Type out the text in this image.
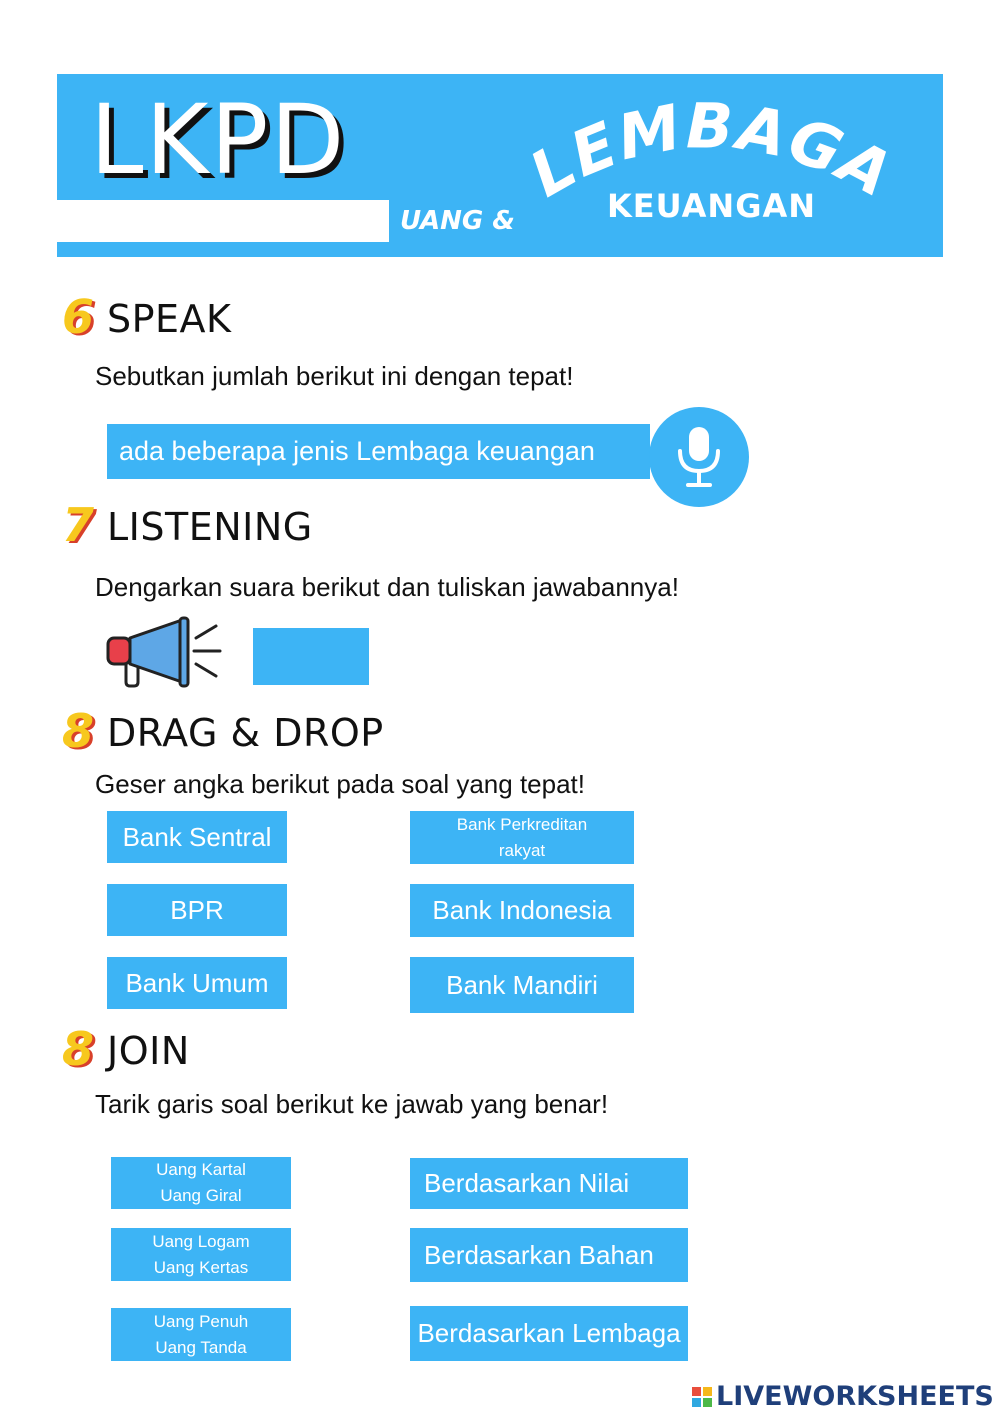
LKPD
UANG &
LEMBAGA
KEUANGAN
6 SPEAK
Sebutkan jumlah berikut ini dengan tepat!
ada beberapa jenis Lembaga keuangan
7 LISTENING
Dengarkan suara berikut dan tuliskan jawabannya!
8 DRAG & DROP
Geser angka berikut pada soal yang tepat!
Bank Sentral
BPR
Bank Umum
Bank Perkreditan
rakyat
Bank Indonesia
Bank Mandiri
8 JOIN
Tarik garis soal berikut ke jawab yang benar!
Uang Kartal
Uang Giral
Uang Logam
Uang Kertas
Uang Penuh
Uang Tanda
Berdasarkan Nilai
Berdasarkan Bahan
Berdasarkan Lembaga
LIVEWORKSHEETS
